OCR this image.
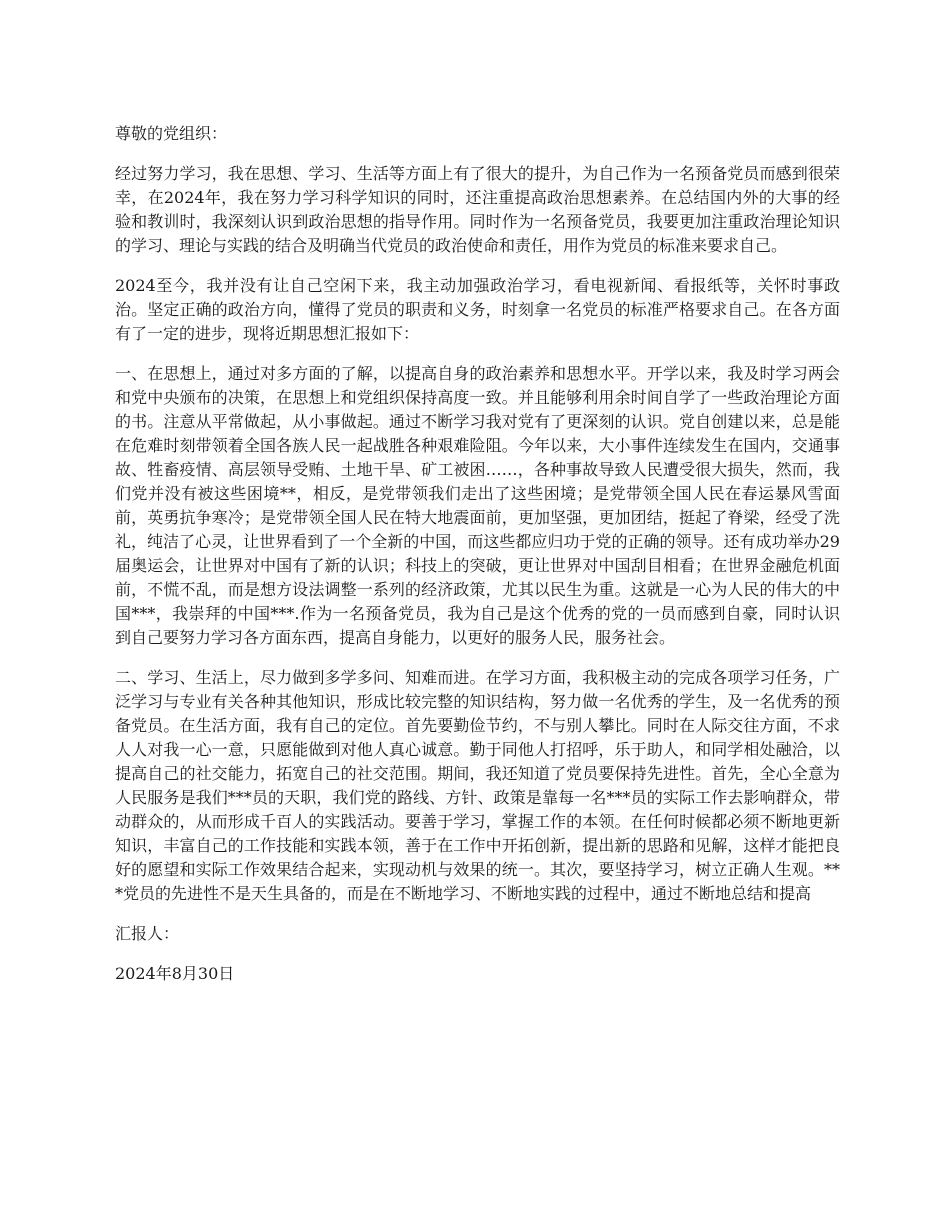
尊敬的党组织：

经过努力学习，我在思想、学习、生活等方面上有了很大的提升，为自己作为一名预备党员而感到很荣幸，在2024年，我在努力学习科学知识的同时，还注重提高政治思想素养。在总结国内外的大事的经验和教训时，我深刻认识到政治思想的指导作用。同时作为一名预备党员，我要更加注重政治理论知识的学习、理论与实践的结合及明确当代党员的政治使命和责任，用作为党员的标准来要求自己。

2024至今，我并没有让自己空闲下来，我主动加强政治学习，看电视新闻、看报纸等，关怀时事政治。坚定正确的政治方向，懂得了党员的职责和义务，时刻拿一名党员的标准严格要求自己。在各方面有了一定的进步，现将近期思想汇报如下：

一、在思想上，通过对多方面的了解，以提高自身的政治素养和思想水平。开学以来，我及时学习两会和党中央颁布的决策，在思想上和党组织保持高度一致。并且能够利用余时间自学了一些政治理论方面的书。注意从平常做起，从小事做起。通过不断学习我对党有了更深刻的认识。党自创建以来，总是能在危难时刻带领着全国各族人民一起战胜各种艰难险阻。今年以来，大小事件连续发生在国内，交通事故、牲畜疫情、高层领导受贿、土地干旱、矿工被困……，各种事故导致人民遭受很大损失，然而，我们党并没有被这些困境**，相反，是党带领我们走出了这些困境；是党带领全国人民在春运暴风雪面前，英勇抗争寒冷；是党带领全国人民在特大地震面前，更加坚强，更加团结，挺起了脊梁，经受了洗礼，纯洁了心灵，让世界看到了一个全新的中国，而这些都应归功于党的正确的领导。还有成功举办29届奥运会，让世界对中国有了新的认识；科技上的突破，更让世界对中国刮目相看；在世界金融危机面前，不慌不乱，而是想方设法调整一系列的经济政策，尤其以民生为重。这就是一心为人民的伟大的中国***，我崇拜的中国***.作为一名预备党员，我为自己是这个优秀的党的一员而感到自豪，同时认识到自己要努力学习各方面东西，提高自身能力，以更好的服务人民，服务社会。

二、学习、生活上，尽力做到多学多问、知难而进。在学习方面，我积极主动的完成各项学习任务，广泛学习与专业有关各种其他知识，形成比较完整的知识结构，努力做一名优秀的学生，及一名优秀的预备党员。在生活方面，我有自己的定位。首先要勤俭节约，不与别人攀比。同时在人际交往方面，不求人人对我一心一意，只愿能做到对他人真心诚意。勤于同他人打招呼，乐于助人，和同学相处融洽，以提高自己的社交能力，拓宽自己的社交范围。期间，我还知道了党员要保持先进性。首先，全心全意为人民服务是我们***员的天职，我们党的路线、方针、政策是靠每一名***员的实际工作去影响群众，带动群众的，从而形成千百人的实践活动。要善于学习，掌握工作的本领。在任何时候都必须不断地更新知识，丰富自己的工作技能和实践本领，善于在工作中开拓创新，提出新的思路和见解，这样才能把良好的愿望和实际工作效果结合起来，实现动机与效果的统一。其次，要坚持学习，树立正确人生观。***党员的先进性不是天生具备的，而是在不断地学习、不断地实践的过程中，通过不断地总结和提高

汇报人：

2024年8月30日
